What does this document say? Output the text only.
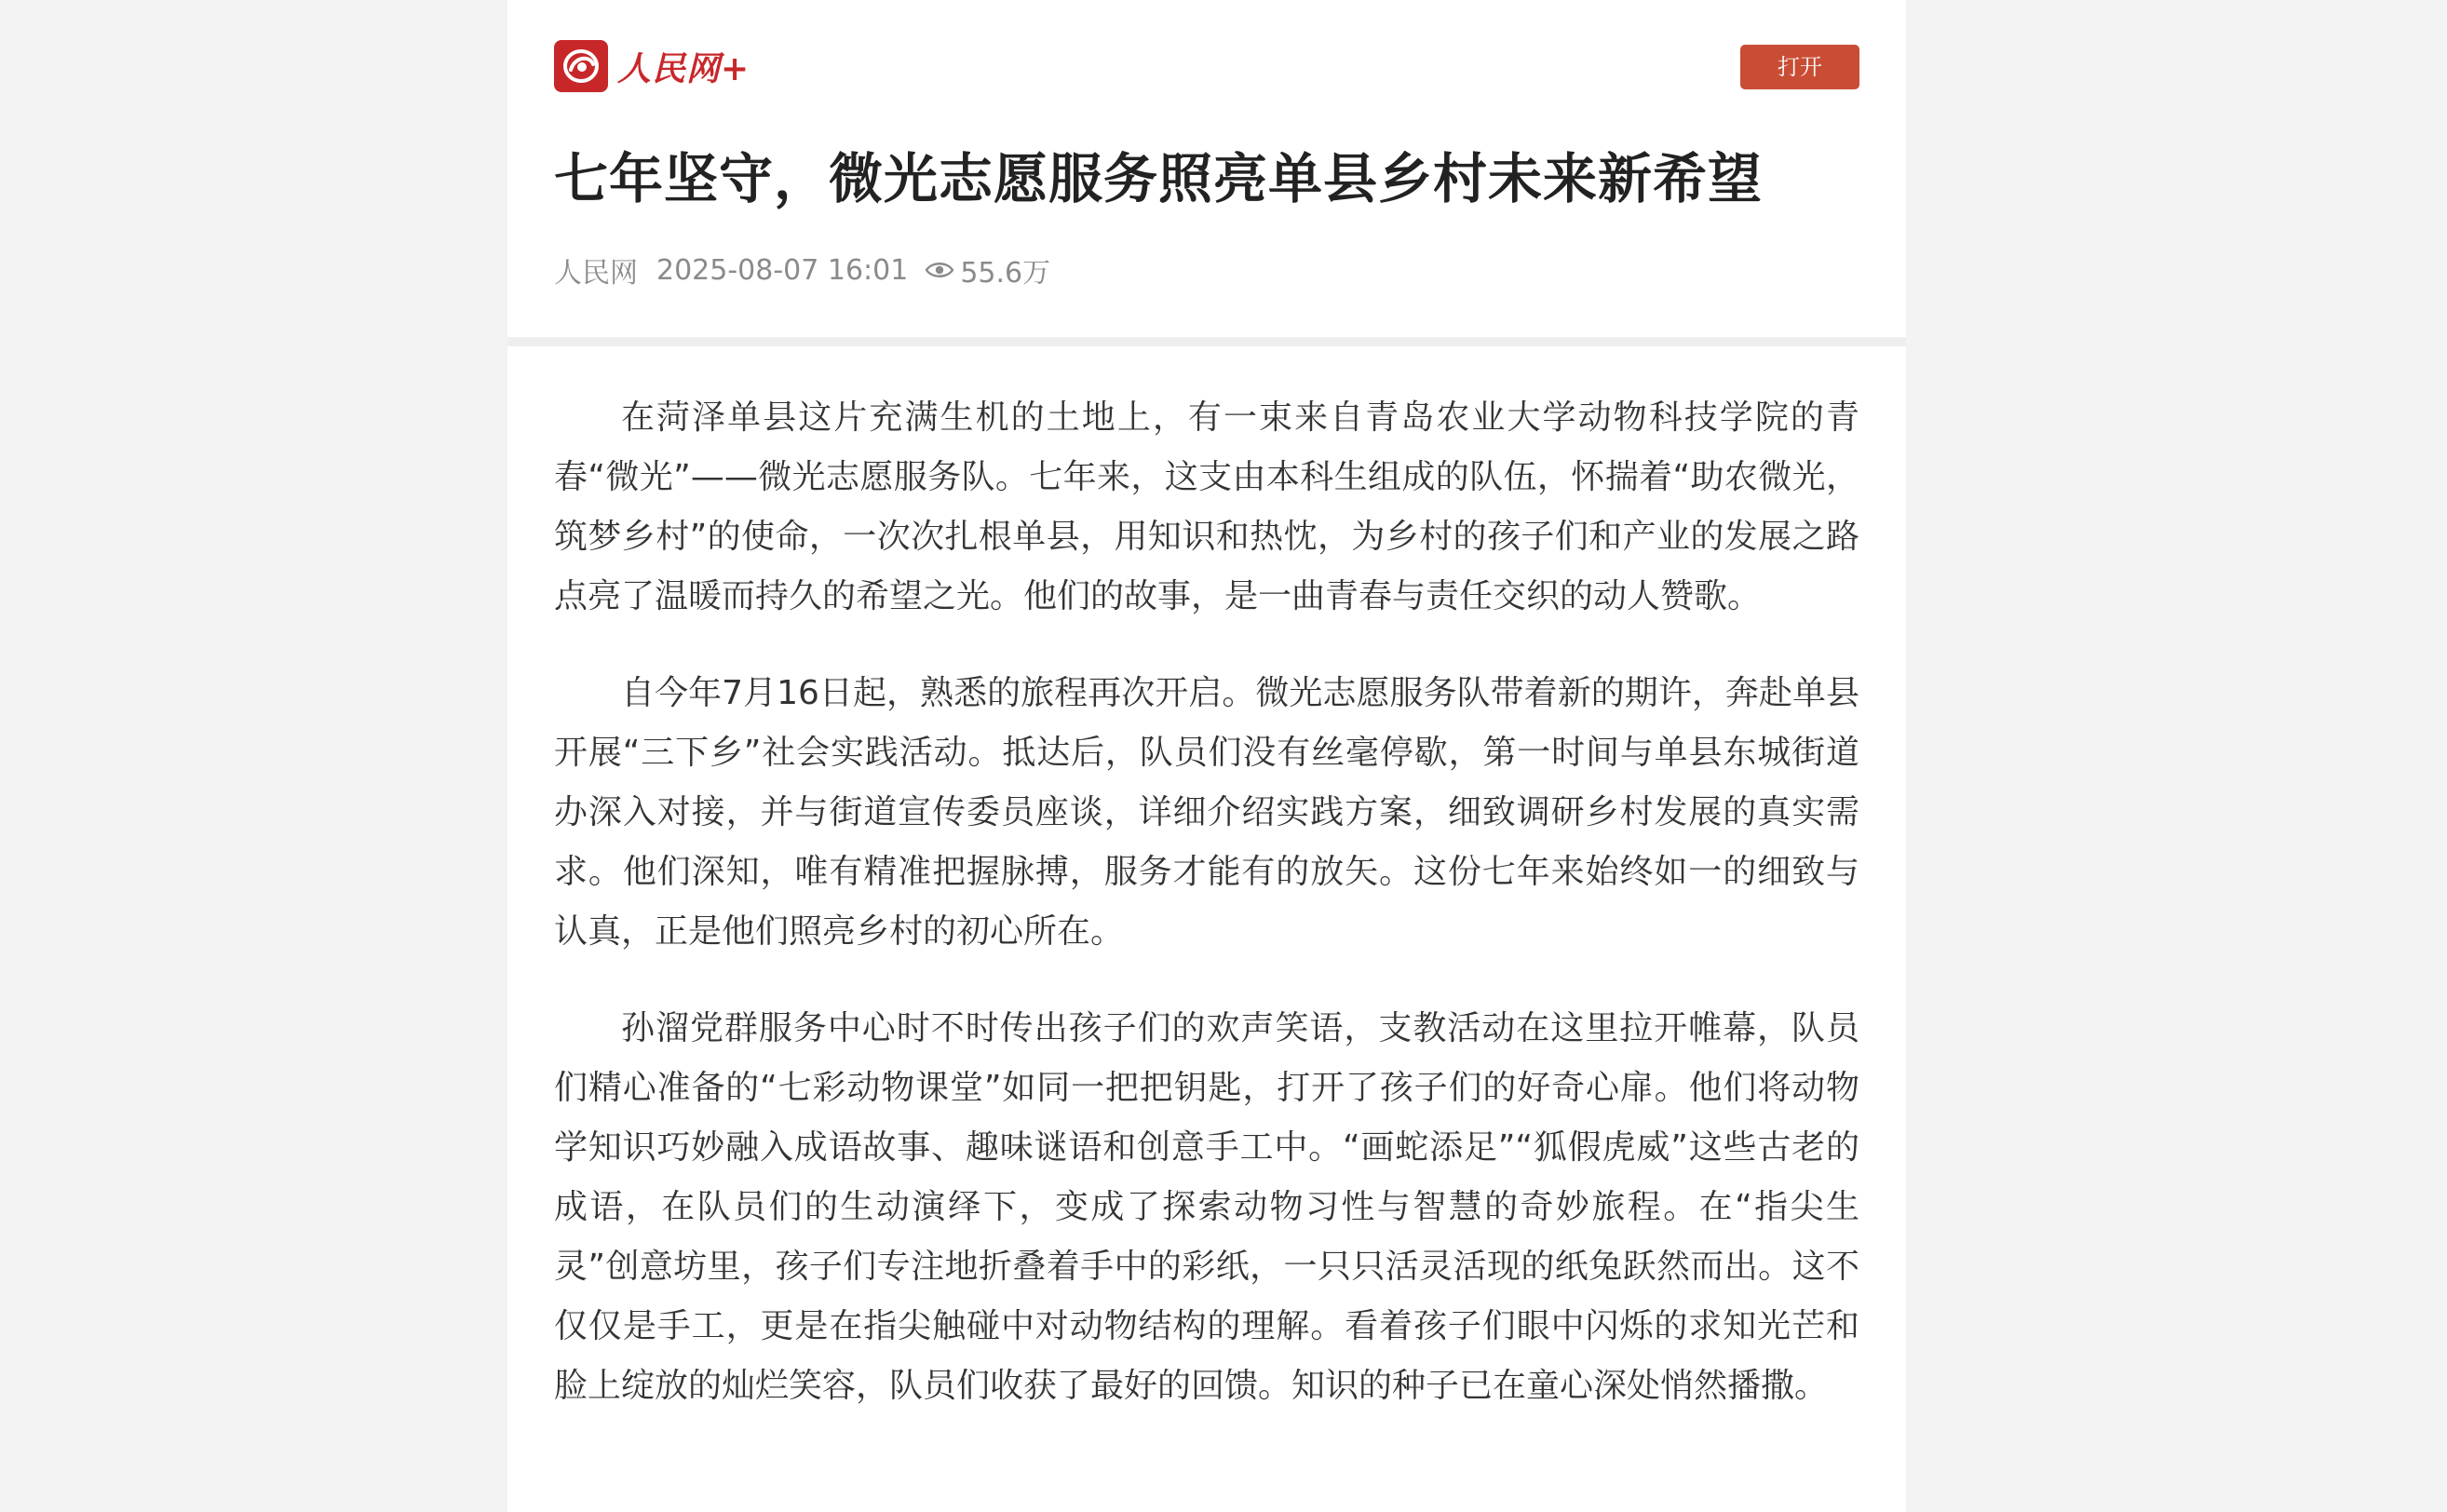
人民网+	打开
七年坚守，微光志愿服务照亮单县乡村未来新希望
人民网 2025-08-07 16:01 55.6万

在菏泽单县这片充满生机的土地上，有一束来自青岛农业大学动物科技学院的青春“微光”——微光志愿服务队。七年来，这支由本科生组成的队伍，怀揣着“助农微光，筑梦乡村”的使命，一次次扎根单县，用知识和热忱，为乡村的孩子们和产业的发展之路点亮了温暖而持久的希望之光。他们的故事，是一曲青春与责任交织的动人赞歌。

自今年7月16日起，熟悉的旅程再次开启。微光志愿服务队带着新的期许，奔赴单县开展“三下乡”社会实践活动。抵达后，队员们没有丝毫停歇，第一时间与单县东城街道办深入对接，并与街道宣传委员座谈，详细介绍实践方案，细致调研乡村发展的真实需求。他们深知，唯有精准把握脉搏，服务才能有的放矢。这份七年来始终如一的细致与认真，正是他们照亮乡村的初心所在。

孙溜党群服务中心时不时传出孩子们的欢声笑语，支教活动在这里拉开帷幕，队员们精心准备的“七彩动物课堂”如同一把把钥匙，打开了孩子们的好奇心扉。他们将动物学知识巧妙融入成语故事、趣味谜语和创意手工中。“画蛇添足”“狐假虎威”这些古老的成语，在队员们的生动演绎下，变成了探索动物习性与智慧的奇妙旅程。在“指尖生灵”创意坊里，孩子们专注地折叠着手中的彩纸，一只只活灵活现的纸兔跃然而出。这不仅仅是手工，更是在指尖触碰中对动物结构的理解。看着孩子们眼中闪烁的求知光芒和脸上绽放的灿烂笑容，队员们收获了最好的回馈。知识的种子已在童心深处悄然播撒。
